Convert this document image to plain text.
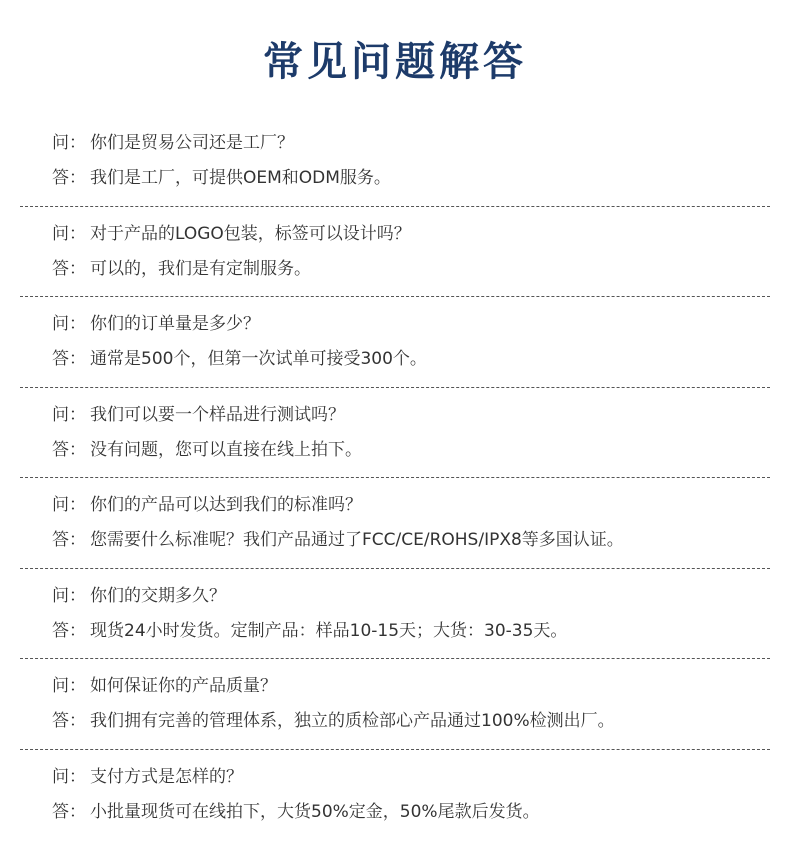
常见问题解答
问： 你们是贸易公司还是工厂？
答： 我们是工厂，可提供OEM和ODM服务。
问： 对于产品的LOGO包装，标签可以设计吗？
答： 可以的，我们是有定制服务。
问： 你们的订单量是多少？
答： 通常是500个，但第一次试单可接受300个。
问： 我们可以要一个样品进行测试吗？
答： 没有问题，您可以直接在线上拍下。
问： 你们的产品可以达到我们的标准吗？
答： 您需要什么标准呢？我们产品通过了FCC/CE/ROHS/IPX8等多国认证。
问： 你们的交期多久？
答： 现货24小时发货。定制产品：样品10-15天；大货：30-35天。
问： 如何保证你的产品质量？
答： 我们拥有完善的管理体系，独立的质检部心产品通过100%检测出厂。
问： 支付方式是怎样的？
答： 小批量现货可在线拍下，大货50%定金，50%尾款后发货。
